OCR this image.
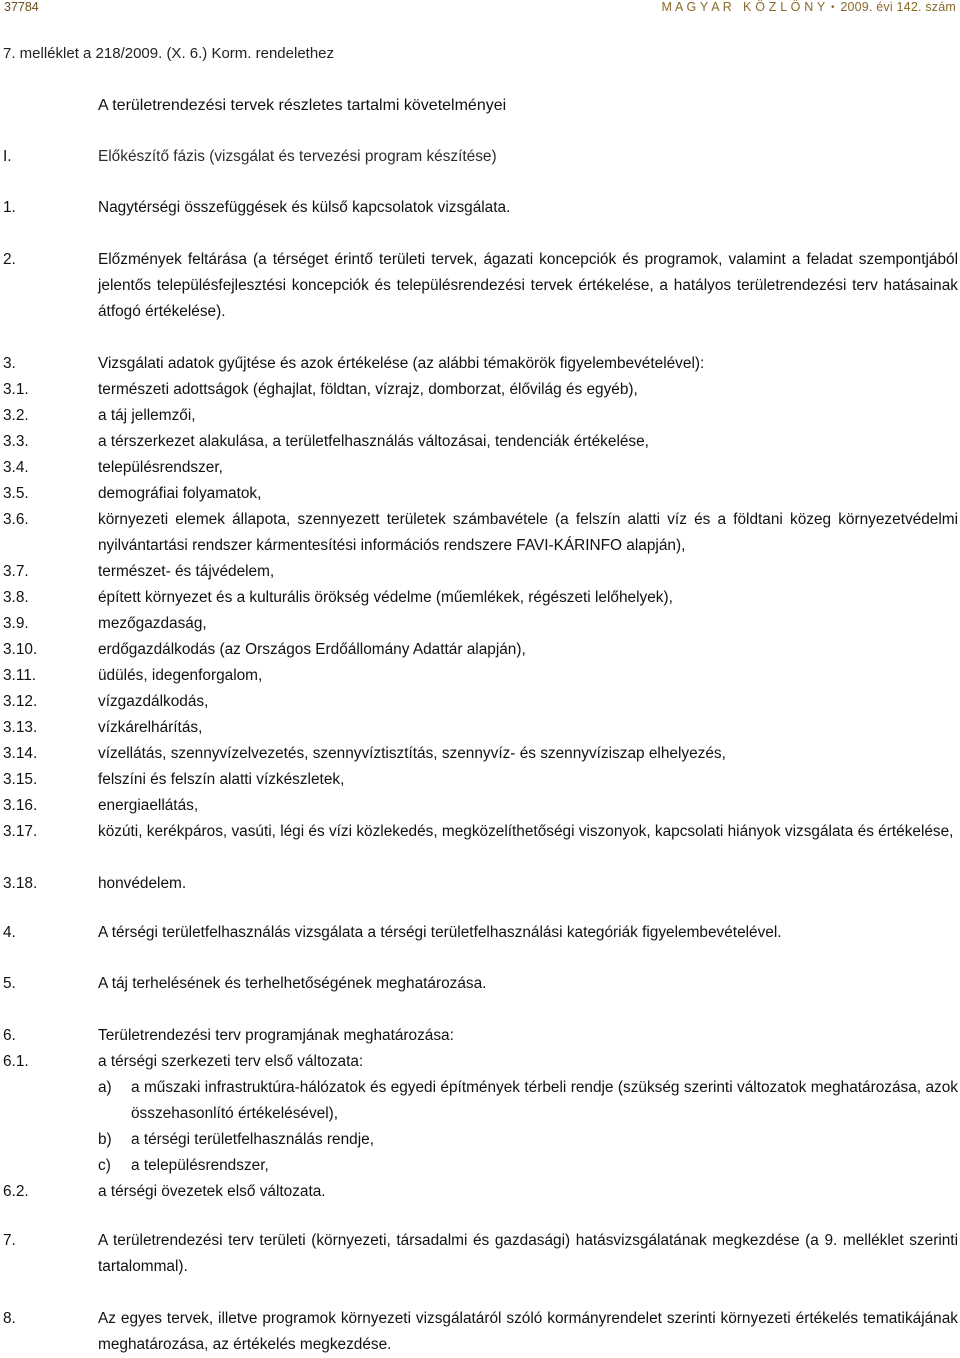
37784	M A G Y A R   K Ö Z L Ö N Y • 2009. évi 142. szám
7. melléklet a 218/2009. (X. 6.) Korm. rendelethez
A területrendezési tervek részletes tartalmi követelményei
I.	Előkészítő fázis (vizsgálat és tervezési program készítése)
1.	Nagytérségi összefüggések és külső kapcsolatok vizsgálata.
2.	Előzmények feltárása (a térséget érintő területi tervek, ágazati koncepciók és programok, valamint a feladat szempontjából jelentős településfejlesztési koncepciók és településrendezési tervek értékelése, a hatályos területrendezési terv hatásainak átfogó értékelése).
3.	Vizsgálati adatok gyűjtése és azok értékelése (az alábbi témakörök figyelembevételével):
3.1.	természeti adottságok (éghajlat, földtan, vízrajz, domborzat, élővilág és egyéb),
3.2.	a táj jellemzői,
3.3.	a térszerkezet alakulása, a területfelhasználás változásai, tendenciák értékelése,
3.4.	településrendszer,
3.5.	demográfiai folyamatok,
3.6.	környezeti elemek állapota, szennyezett területek számbavétele (a felszín alatti víz és a földtani közeg környezetvédelmi nyilvántartási rendszer kármentesítési információs rendszere FAVI-KÁRINFO alapján),
3.7.	természet- és tájvédelem,
3.8.	épített környezet és a kulturális örökség védelme (műemlékek, régészeti lelőhelyek),
3.9.	mezőgazdaság,
3.10.	erdőgazdálkodás (az Országos Erdőállomány Adattár alapján),
3.11.	üdülés, idegenforgalom,
3.12.	vízgazdálkodás,
3.13.	vízkárelhárítás,
3.14.	vízellátás, szennyvízelvezetés, szennyvíztisztítás, szennyvíz- és szennyvíziszap elhelyezés,
3.15.	felszíni és felszín alatti vízkészletek,
3.16.	energiaellátás,
3.17.	közúti, kerékpáros, vasúti, légi és vízi közlekedés, megközelíthetőségi viszonyok, kapcsolati hiányok vizsgálata és értékelése,
3.18.	honvédelem.
4.	A térségi területfelhasználás vizsgálata a térségi területfelhasználási kategóriák figyelembevételével.
5.	A táj terhelésének és terhelhetőségének meghatározása.
6.	Területrendezési terv programjának meghatározása:
6.1.	a térségi szerkezeti terv első változata:
a) a műszaki infrastruktúra-hálózatok és egyedi építmények térbeli rendje (szükség szerinti változatok meghatározása, azok összehasonlító értékelésével),
b) a térségi területfelhasználás rendje,
c) a településrendszer,
6.2.	a térségi övezetek első változata.
7.	A területrendezési terv területi (környezeti, társadalmi és gazdasági) hatásvizsgálatának megkezdése (a 9. melléklet szerinti tartalommal).
8.	Az egyes tervek, illetve programok környezeti vizsgálatáról szóló kormányrendelet szerinti környezeti értékelés tematikájának meghatározása, az értékelés megkezdése.
